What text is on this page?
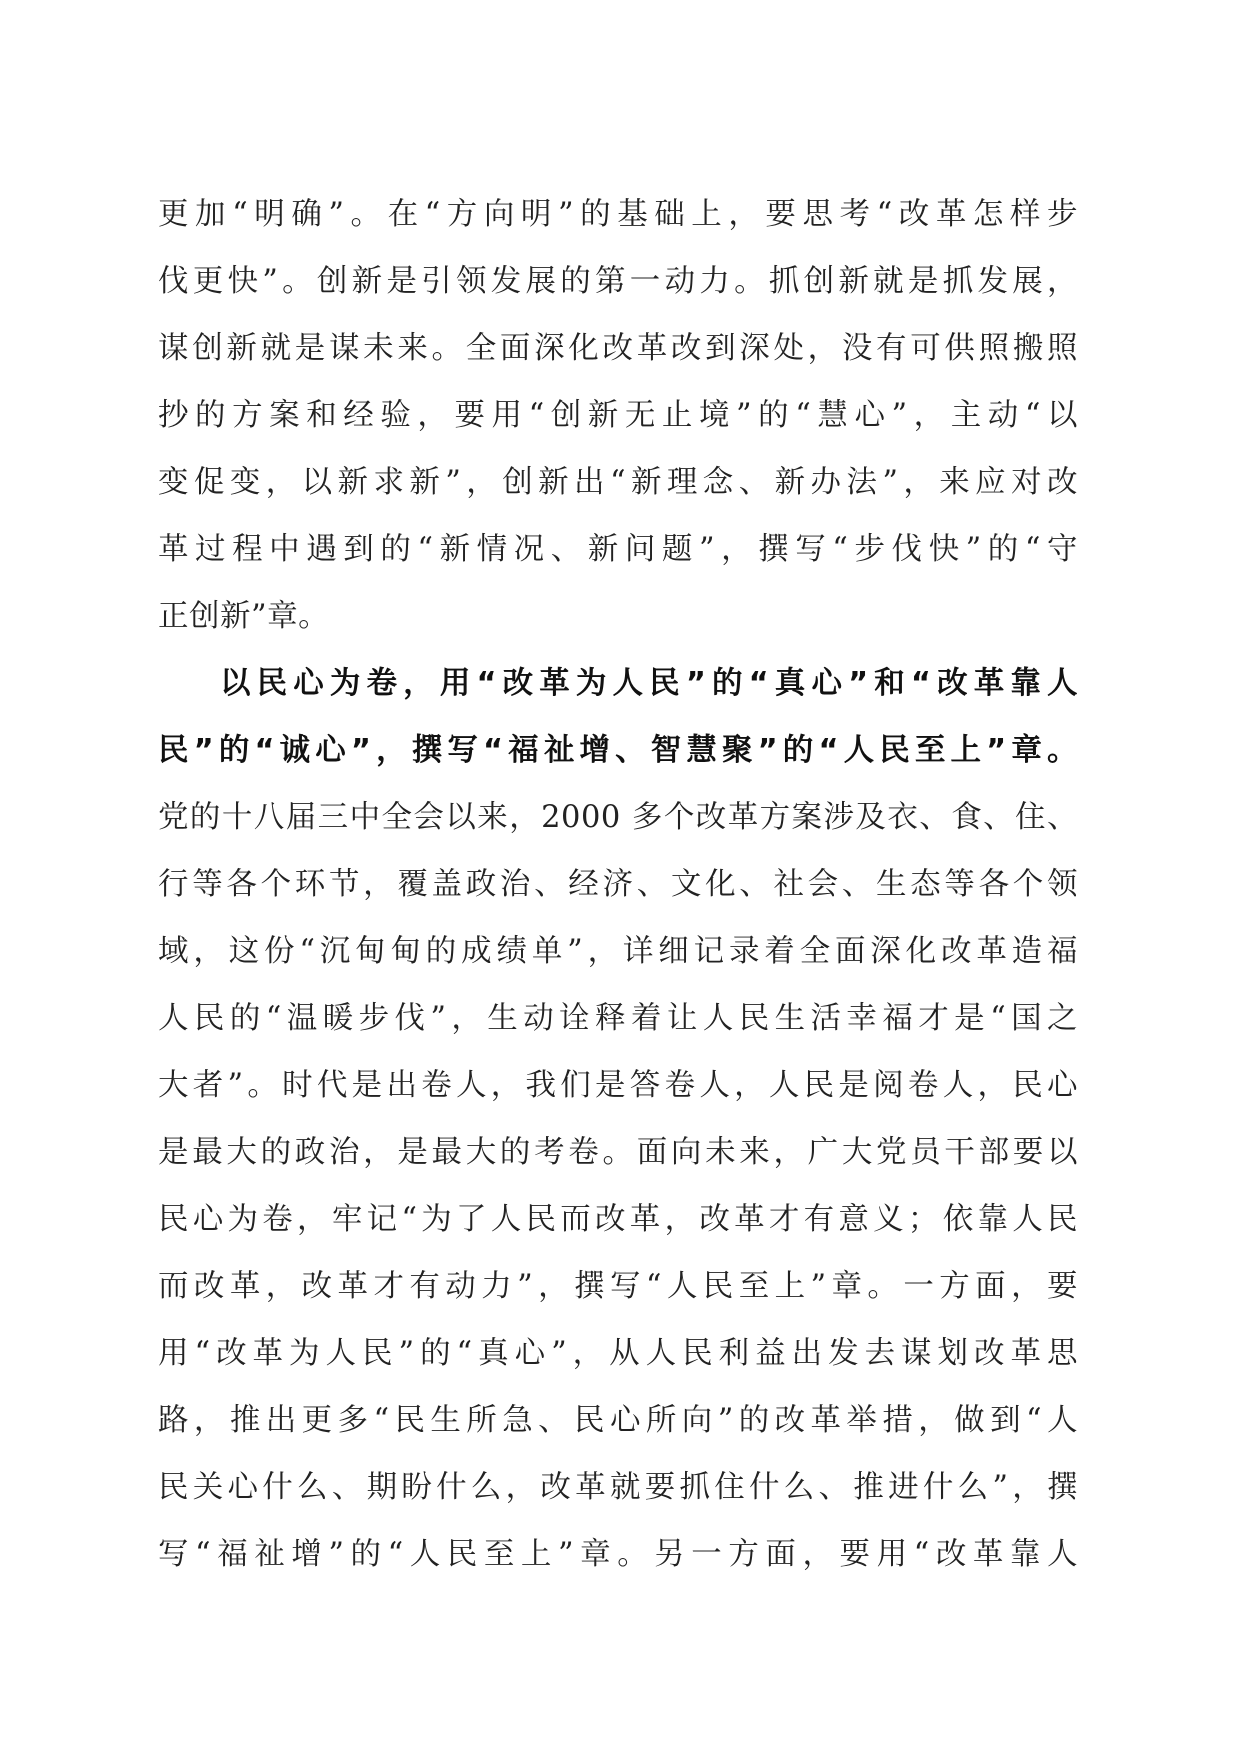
更加“明确”。在“方向明”的基础上，要思考“改革怎样步
伐更快”。创新是引领发展的第一动力。抓创新就是抓发展，
谋创新就是谋未来。全面深化改革改到深处，没有可供照搬照
抄的方案和经验，要用“创新无止境”的“慧心”，主动“以
变促变，以新求新”，创新出“新理念、新办法”，来应对改
革过程中遇到的“新情况、新问题”，撰写“步伐快”的“守
正创新”章。
以民心为卷，用“改革为人民”的“真心”和“改革靠人
民”的“诚心”，撰写“福祉增、智慧聚”的“人民至上”章。
党的十八届三中全会以来，2000 多个改革方案涉及衣、食、住、
行等各个环节，覆盖政治、经济、文化、社会、生态等各个领
域，这份“沉甸甸的成绩单”，详细记录着全面深化改革造福
人民的“温暖步伐”，生动诠释着让人民生活幸福才是“国之
大者”。时代是出卷人，我们是答卷人，人民是阅卷人，民心
是最大的政治，是最大的考卷。面向未来，广大党员干部要以
民心为卷，牢记“为了人民而改革，改革才有意义；依靠人民
而改革，改革才有动力”，撰写“人民至上”章。一方面，要
用“改革为人民”的“真心”，从人民利益出发去谋划改革思
路，推出更多“民生所急、民心所向”的改革举措，做到“人
民关心什么、期盼什么，改革就要抓住什么、推进什么”，撰
写“福祉增”的“人民至上”章。另一方面，要用“改革靠人
